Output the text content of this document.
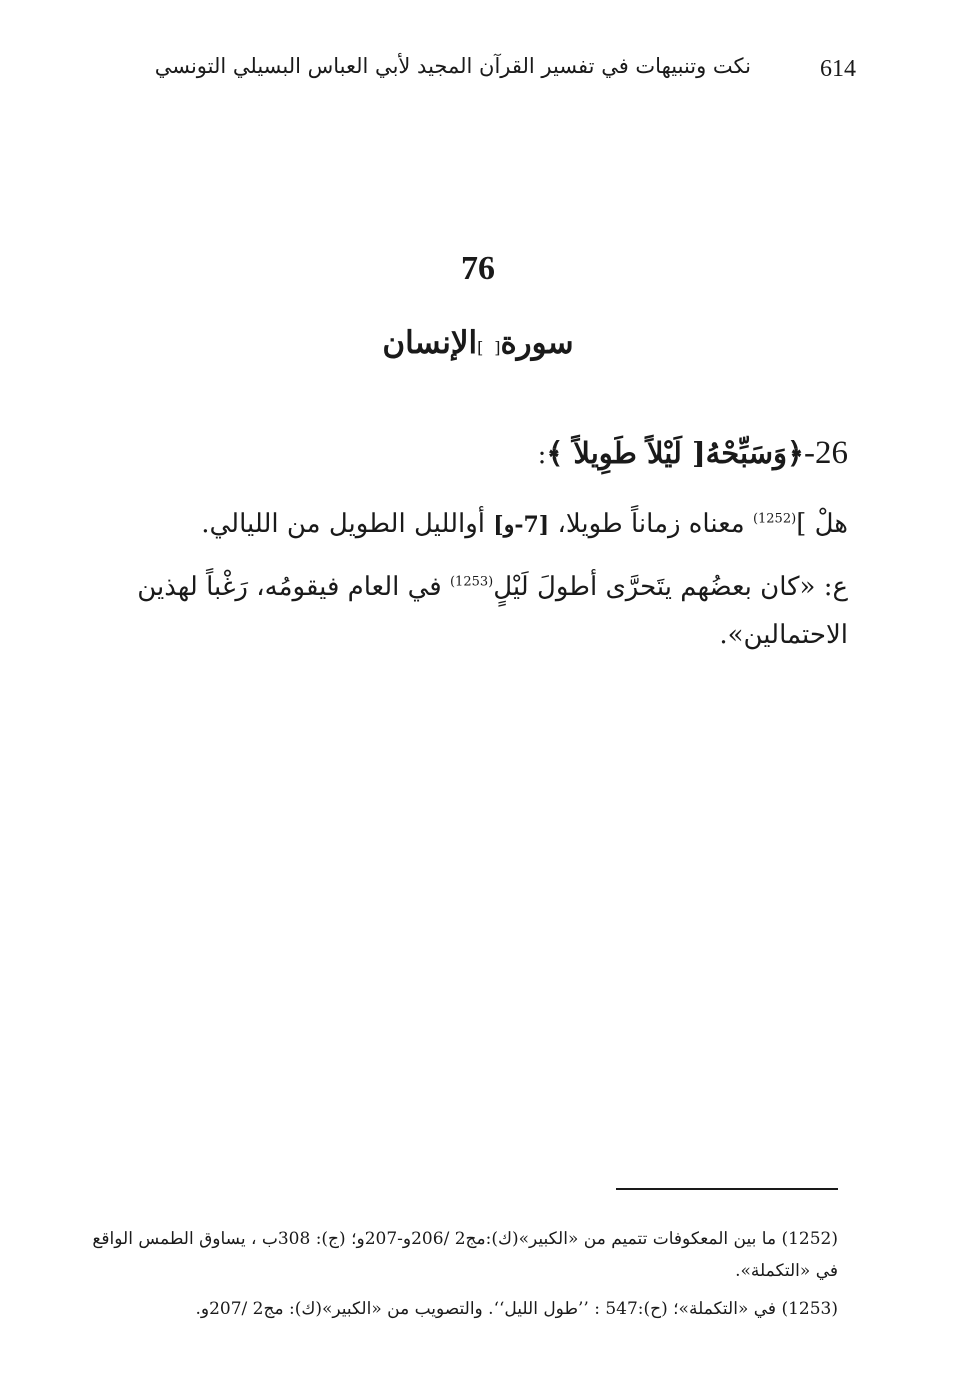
نكت وتنبيهات في تفسير القرآن المجيد لأبي العباس البسيلي التونسي	614
76
سورة[ ]الإنسان

26-﴿وَسَبِّحْهُ[ لَيْلاً طَوِيلاً ﴾:

هلْ ]$^{(1252)}$ معناه زماناً طويلا، [7-و] أوالليل الطويل من الليالي.

ع: «كان بعضُهم يتَحرَّى أطولَ لَيْلٍ$^{(1253)}$ في العام فيقومُه، رَغْباً لهذين الاحتمالين».

(1252) ما بين المعكوفات تتميم من «الكبير»(ك):مج2 /206و-207و؛ (ج): 308ب ، يساوق الطمس الواقع في «التكملة».

(1253) في «التكملة»؛ (ح):547 : ’’طول الليل‘‘. والتصويب من «الكبير»(ك): مج2 /207و.
